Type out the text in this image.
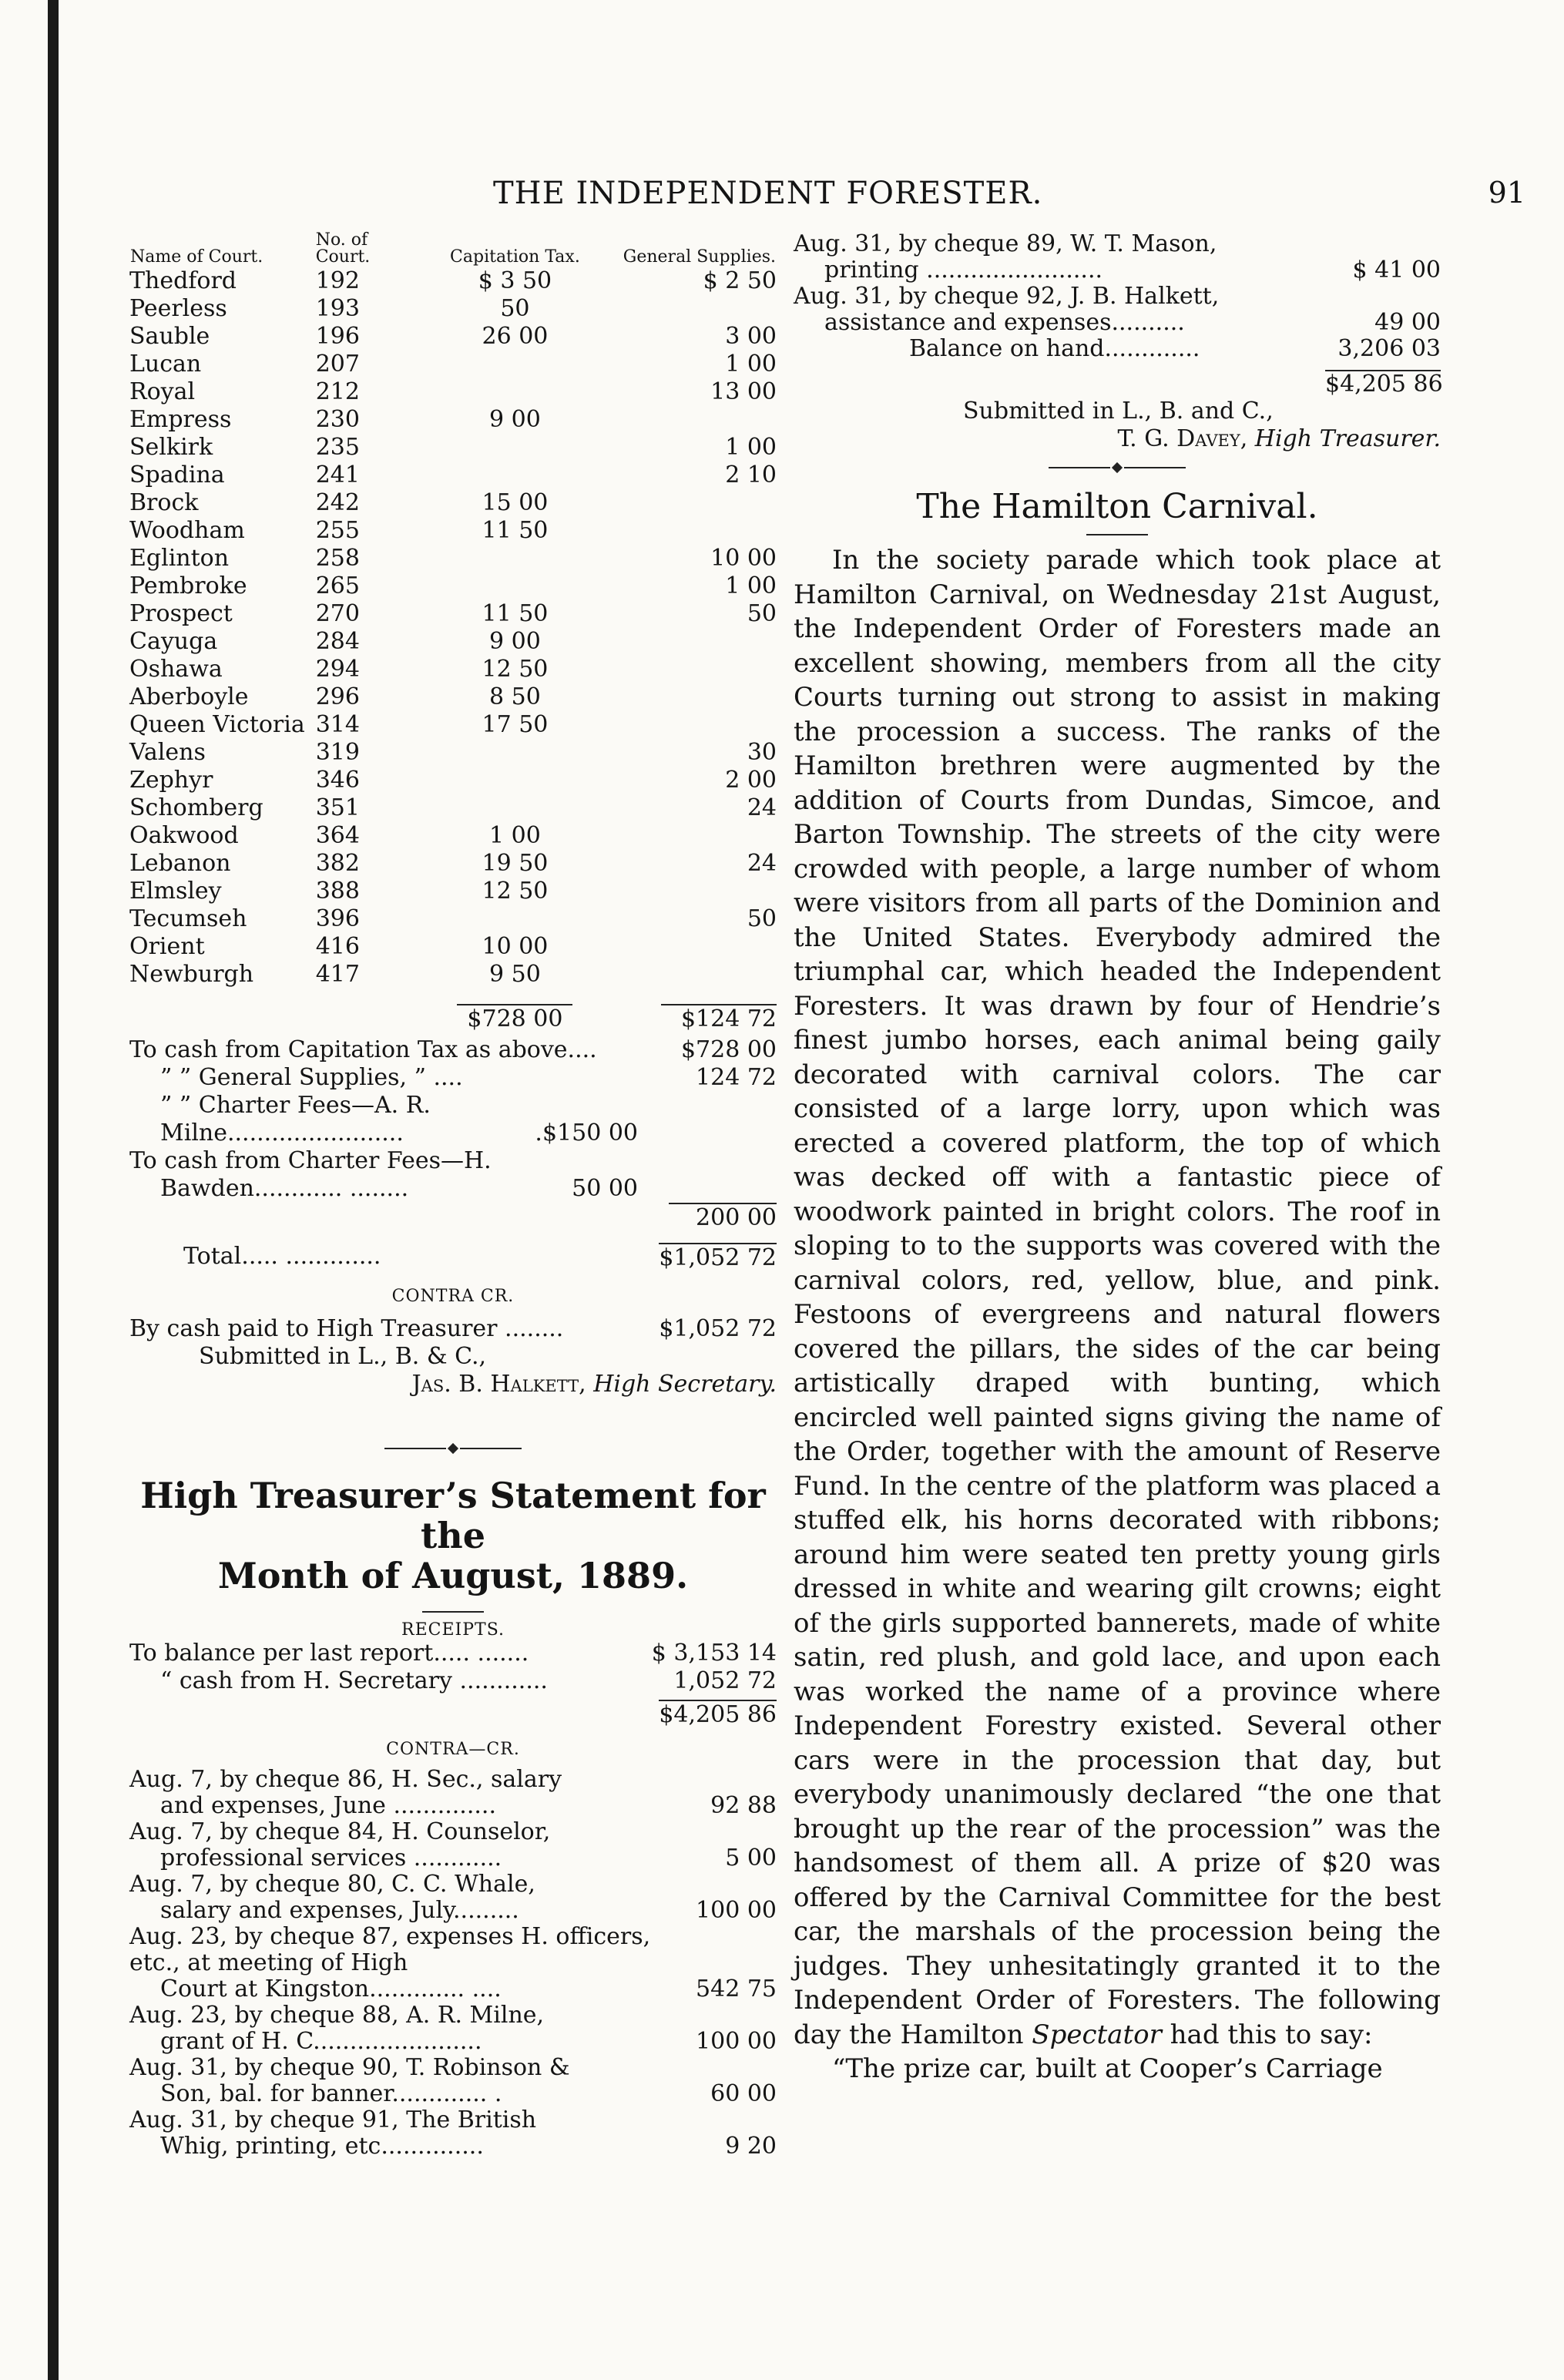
THE INDEPENDENT FORESTER.	91
Name of Court.	No. of Court.	Capitation Tax.	General Supplies.
Thedford	192	$ 3 50	$ 2 50
Peerless	193	50	
Sauble	196	26 00	3 00
Lucan	207		1 00
Royal	212		13 00
Empress	230	9 00	
Selkirk	235		1 00
Spadina	241		2 10
Brock	242	15 00	
Woodham	255	11 50	
Eglinton	258		10 00
Pembroke	265		1 00
Prospect	270	11 50	50
Cayuga	284	9 00	
Oshawa	294	12 50	
Aberboyle	296	8 50	
Queen Victoria	314	17 50	
Valens	319		30
Zephyr	346		2 00
Schomberg	351		24
Oakwood	364	1 00	
Lebanon	382	19 50	24
Elmsley	388	12 50	
Tecumseh	396		50
Orient	416	10 00	
Newburgh	417	9 50	

		$728 00	$124 72
To cash from Capitation Tax as above....	$728 00
” ” General Supplies, ” ....	124 72
” ” Charter Fees—A. R.
Milne........................	.$150 00
To cash from Charter Fees—H.
Bawden............ ........	50 00
200 00
Total..... .............	$1,052 72
CONTRA CR.
By cash paid to High Treasurer ........	$1,052 72
Submitted in L., B. & C.,
Jas. B. Halkett, High Secretary.
High Treasurer’s Statement for the
Month of August, 1889.
RECEIPTS.
To balance per last report..... .......	$ 3,153 14
“ cash from H. Secretary ............	1,052 72
$4,205 86
CONTRA—CR.
Aug. 7, by cheque 86, H. Sec., salary
and expenses, June ..............	92 88
Aug. 7, by cheque 84, H. Counselor,
professional services ............	5 00
Aug. 7, by cheque 80, C. C. Whale,
salary and expenses, July.........	100 00
Aug. 23, by cheque 87, expenses H. officers, etc., at meeting of High
Court at Kingston............. ....	542 75
Aug. 23, by cheque 88, A. R. Milne,
grant of H. C.......................	100 00
Aug. 31, by cheque 90, T. Robinson &
Son, bal. for banner............. .	60 00
Aug. 31, by cheque 91, The British
Whig, printing, etc..............	9 20
Aug. 31, by cheque 89, W. T. Mason,
printing ........................	$ 41 00
Aug. 31, by cheque 92, J. B. Halkett,
assistance and expenses..........	49 00
Balance on hand.............	3,206 03
$4,205 86
Submitted in L., B. and C.,
T. G. Davey, High Treasurer.
The Hamilton Carnival.

In the society parade which took place at Hamilton Carnival, on Wednesday 21st August, the Independent Order of Foresters made an excellent showing, members from all the city Courts turning out strong to assist in making the procession a success. The ranks of the Hamilton brethren were augmented by the addition of Courts from Dundas, Simcoe, and Barton Township. The streets of the city were crowded with people, a large number of whom were visitors from all parts of the Dominion and the United States. Everybody admired the triumphal car, which headed the Independent Foresters. It was drawn by four of Hendrie’s finest jumbo horses, each animal being gaily decorated with carnival colors. The car consisted of a large lorry, upon which was erected a covered platform, the top of which was decked off with a fantastic piece of woodwork painted in bright colors. The roof in sloping to to the supports was covered with the carnival colors, red, yellow, blue, and pink. Festoons of evergreens and natural flowers covered the pillars, the sides of the car being artistically draped with bunting, which encircled well painted signs giving the name of the Order, together with the amount of Reserve Fund. In the centre of the platform was placed a stuffed elk, his horns decorated with ribbons; around him were seated ten pretty young girls dressed in white and wearing gilt crowns; eight of the girls supported bannerets, made of white satin, red plush, and gold lace, and upon each was worked the name of a province where Independent Forestry existed. Several other cars were in the procession that day, but everybody unanimously declared “the one that brought up the rear of the procession” was the handsomest of them all. A prize of $20 was offered by the Carnival Committee for the best car, the marshals of the procession being the judges. They unhesitatingly granted it to the Independent Order of Foresters. The following day the Hamilton Spectator had this to say:

“The prize car, built at Cooper’s Carriage
